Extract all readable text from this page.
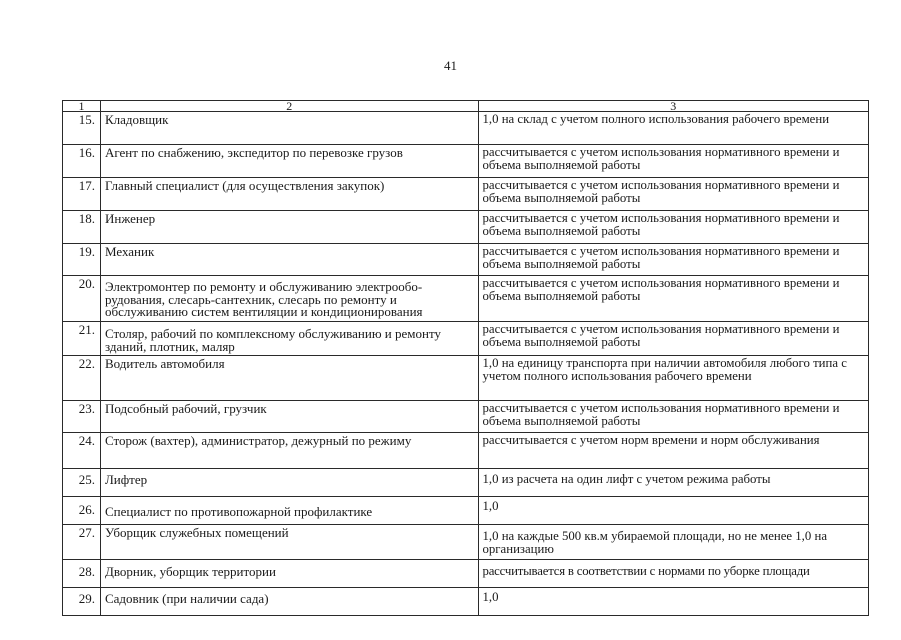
41
1	2	3
15.	Кладовщик	1,0 на склад с учетом полного использования рабочего времени

16.	Агент по снабжению, экспедитор по перевозке грузов	рассчитывается с учетом использования нормативного времени и объема выполняемой работы

17.	Главный специалист (для осуществления закупок)	рассчитывается с учетом использования нормативного времени и объема выполняемой работы

18.	Инженер	рассчитывается с учетом использования нормативного времени и объема выполняемой работы

19.	Механик	рассчитывается с учетом использования нормативного времени и объема выполняемой работы

20.	Электромонтер по ремонту и обслуживанию электрообо-рудования, слесарь-сантехник, слесарь по ремонту и обслуживанию систем вентиляции и кондиционирования	рассчитывается с учетом использования нормативного времени и объема выполняемой работы

21.	Столяр, рабочий по комплексному обслуживанию и ремонту зданий, плотник, маляр	рассчитывается с учетом использования нормативного времени и объема выполняемой работы

22.	Водитель автомобиля	1,0 на единицу транспорта при наличии автомобиля любого типа с учетом полного использования рабочего времени

23.	Подсобный рабочий, грузчик	рассчитывается с учетом использования нормативного времени и объема выполняемой работы

24.	Сторож (вахтер), администратор, дежурный по режиму	рассчитывается с учетом норм времени и норм обслуживания

25.	Лифтер	1,0 из расчета на один лифт с учетом режима работы

26.	Специалист по противопожарной профилактике	1,0

27.	Уборщик служебных помещений	1,0 на каждые 500 кв.м убираемой площади, но не менее 1,0 на организацию

28.	Дворник, уборщик территории	рассчитывается в соответствии с нормами по уборке площади

29.	Садовник (при наличии сада)	1,0
